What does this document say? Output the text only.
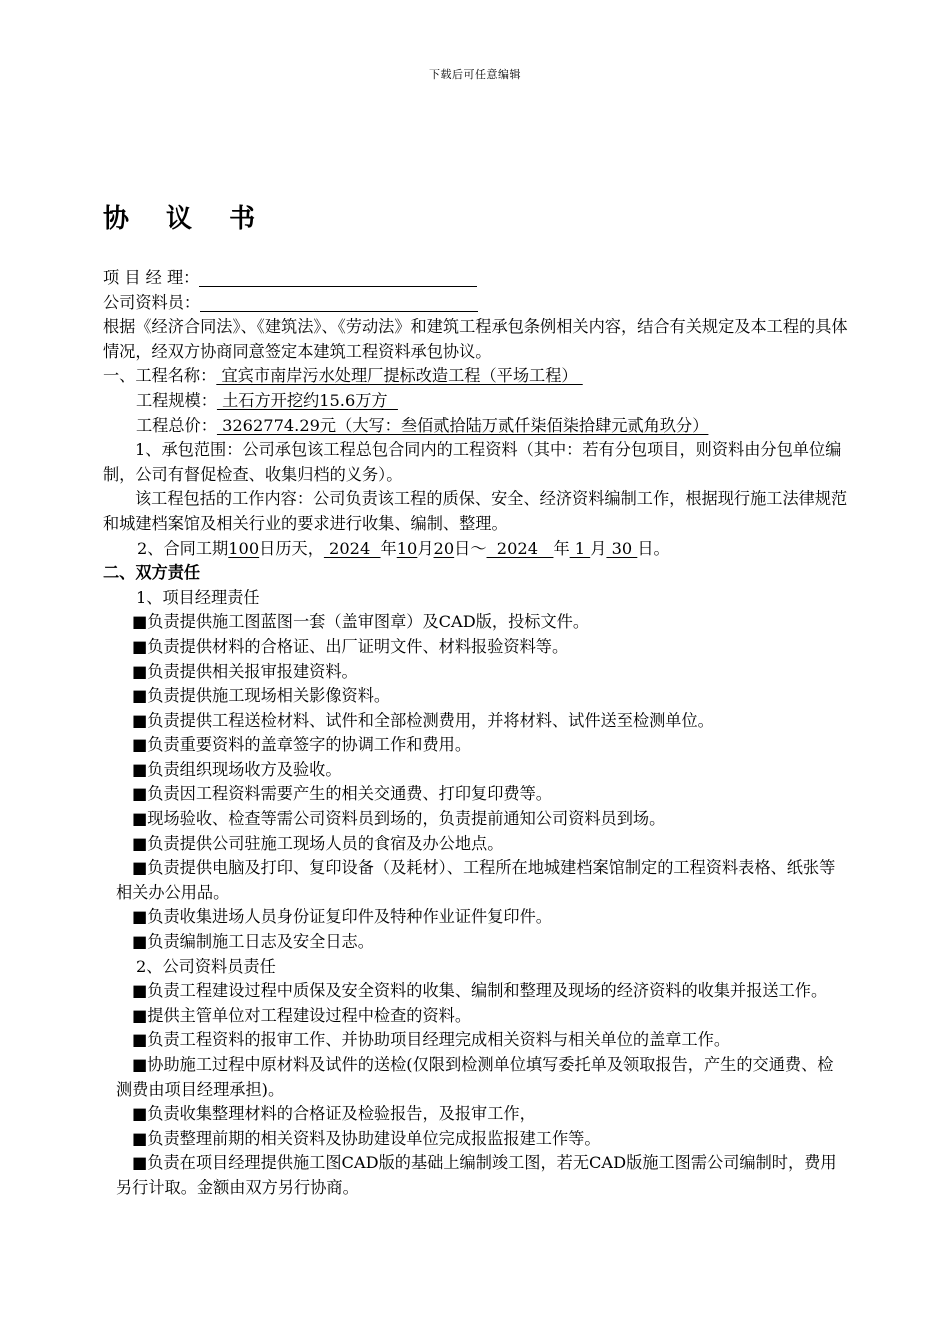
下载后可任意编辑
协 议 书
项 目 经 理：
公司资料员：
根据《经济合同法》、《建筑法》、《劳动法》和建筑工程承包条例相关内容，结合有关规定及本工程的具体情况，经双方协商同意签定本建筑工程资料承包协议。
一、工程名称： 宜宾市南岸污水处理厂提标改造工程（平场工程）
工程规模： 土石方开挖约15.6万方
工程总价： 3262774.29元（大写：叁佰贰拾陆万贰仟柒佰柒拾肆元贰角玖分）
1、承包范围：公司承包该工程总包合同内的工程资料（其中：若有分包项目，则资料由分包单位编制，公司有督促检查、收集归档的义务）。
该工程包括的工作内容：公司负责该工程的质保、安全、经济资料编制工作，根据现行施工法律规范和城建档案馆及相关行业的要求进行收集、编制、整理。
2、合同工期100日历天， 2024  年10月20日～  2024   年 1 月 30 日。
二、双方责任
1、项目经理责任
■负责提供施工图蓝图一套（盖审图章）及CAD版，投标文件。
■负责提供材料的合格证、出厂证明文件、材料报验资料等。
■负责提供相关报审报建资料。
■负责提供施工现场相关影像资料。
■负责提供工程送检材料、试件和全部检测费用，并将材料、试件送至检测单位。
■负责重要资料的盖章签字的协调工作和费用。
■负责组织现场收方及验收。
■负责因工程资料需要产生的相关交通费、打印复印费等。
■现场验收、检查等需公司资料员到场的，负责提前通知公司资料员到场。
■负责提供公司驻施工现场人员的食宿及办公地点。
■负责提供电脑及打印、复印设备（及耗材）、工程所在地城建档案馆制定的工程资料表格、纸张等相关办公用品。
■负责收集进场人员身份证复印件及特种作业证件复印件。
■负责编制施工日志及安全日志。
2、公司资料员责任
■负责工程建设过程中质保及安全资料的收集、编制和整理及现场的经济资料的收集并报送工作。
■提供主管单位对工程建设过程中检查的资料。
■负责工程资料的报审工作、并协助项目经理完成相关资料与相关单位的盖章工作。
■协助施工过程中原材料及试件的送检(仅限到检测单位填写委托单及领取报告，产生的交通费、检测费由项目经理承担)。
■负责收集整理材料的合格证及检验报告，及报审工作，
■负责整理前期的相关资料及协助建设单位完成报监报建工作等。
■负责在项目经理提供施工图CAD版的基础上编制竣工图，若无CAD版施工图需公司编制时，费用另行计取。金额由双方另行协商。
